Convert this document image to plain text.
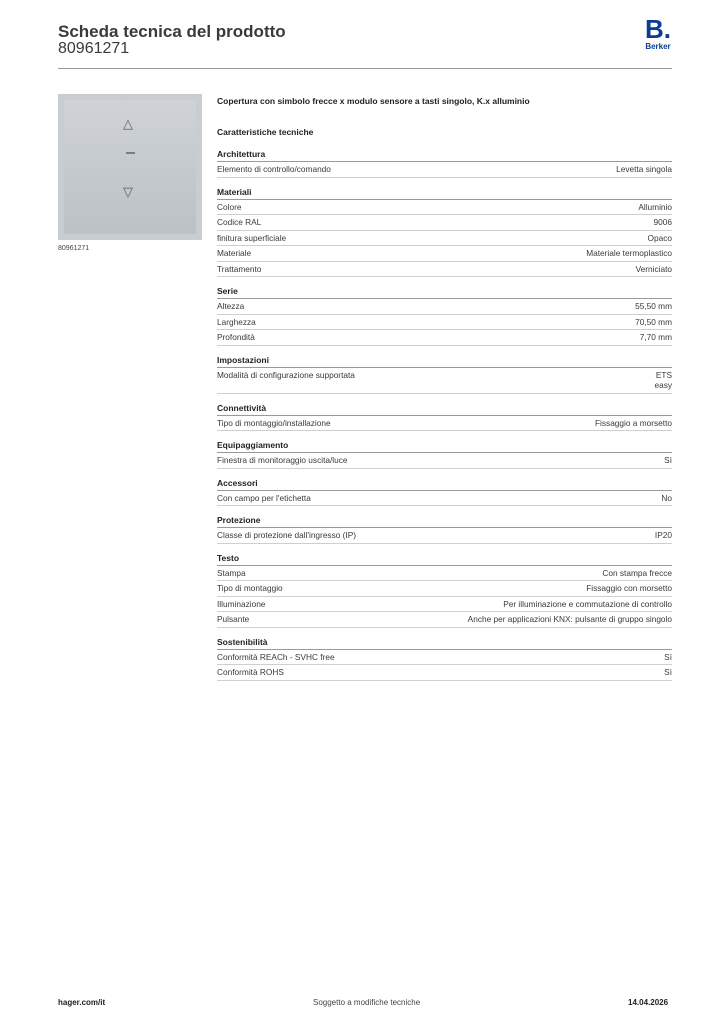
Scheda tecnica del prodotto
80961271
B.
Berker
△
▽
80961271
Copertura con simbolo frecce x modulo sensore a tasti singolo, K.x alluminio
Caratteristiche tecniche
Architettura
Elemento di controllo/comando	Levetta singola
Materiali
Colore	Alluminio
Codice RAL	9006
finitura superficiale	Opaco
Materiale	Materiale termoplastico
Trattamento	Verniciato
Serie
Altezza	55,50 mm
Larghezza	70,50 mm
Profondità	7,70 mm
Impostazioni
Modalità di configurazione supportata	ETS
easy
Connettività
Tipo di montaggio/installazione	Fissaggio a morsetto
Equipaggiamento
Finestra di monitoraggio uscita/luce	Sì
Accessori
Con campo per l'etichetta	No
Protezione
Classe di protezione dall'ingresso (IP)	IP20
Testo
Stampa	Con stampa frecce
Tipo di montaggio	Fissaggio con morsetto
Illuminazione	Per illuminazione e commutazione di controllo
Pulsante	Anche per applicazioni KNX: pulsante di gruppo singolo
Sostenibilità
Conformità REACh - SVHC free	Sì
Conformità ROHS	Sì
hager.com/it	Soggetto a modifiche tecniche	14.04.2026
